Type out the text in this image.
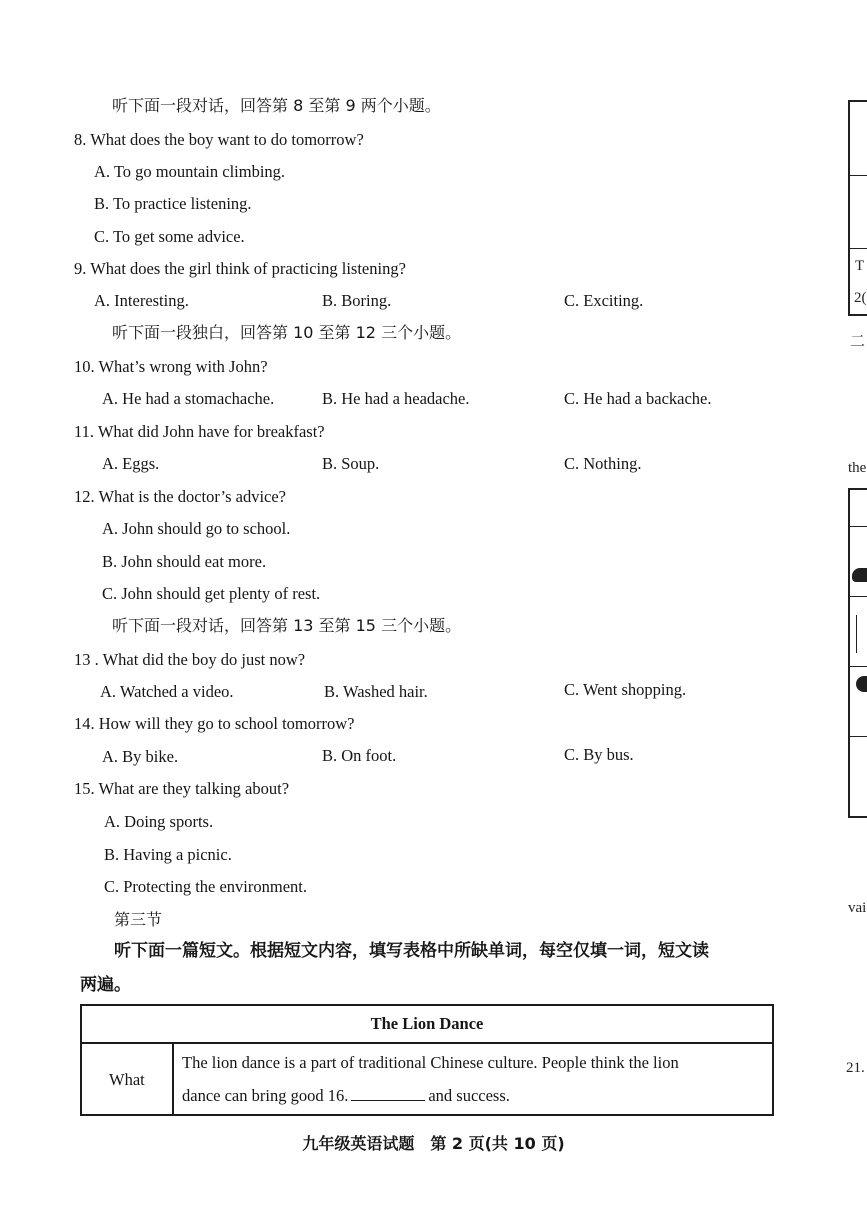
听下面一段对话，回答第 8 至第 9 两个小题。
8. What does the boy want to do tomorrow?
A. To go mountain climbing.
B. To practice listening.
C. To get some advice.
9. What does the girl think of practicing listening?
A. Interesting.	B. Boring.	C. Exciting.
听下面一段独白，回答第 10 至第 12 三个小题。
10. What’s wrong with John?
A. He had a stomachache.	B. He had a headache.	C. He had a backache.
11. What did John have for breakfast?
A. Eggs.	B. Soup.	C. Nothing.
12. What is the doctor’s advice?
A. John should go to school.
B. John should eat more.
C. John should get plenty of rest.
听下面一段对话，回答第 13 至第 15 三个小题。
13 . What did the boy do just now?
A. Watched a video.	B. Washed hair.	C. Went shopping.
14. How will they go to school tomorrow?
A. By bike.	B. On foot.	C. By bus.
15. What are they talking about?
A. Doing sports.
B. Having a picnic.
C. Protecting the environment.
第三节
听下面一篇短文。根据短文内容，填写表格中所缺单词，每空仅填一词，短文读
两遍。
The Lion Dance
What
The lion dance is a part of traditional Chinese culture. People think the lion
dance can bring good 16.	and success.
九年级英语试题　第 2 页(共 10 页)
T
2(
二
the
vai
21.
